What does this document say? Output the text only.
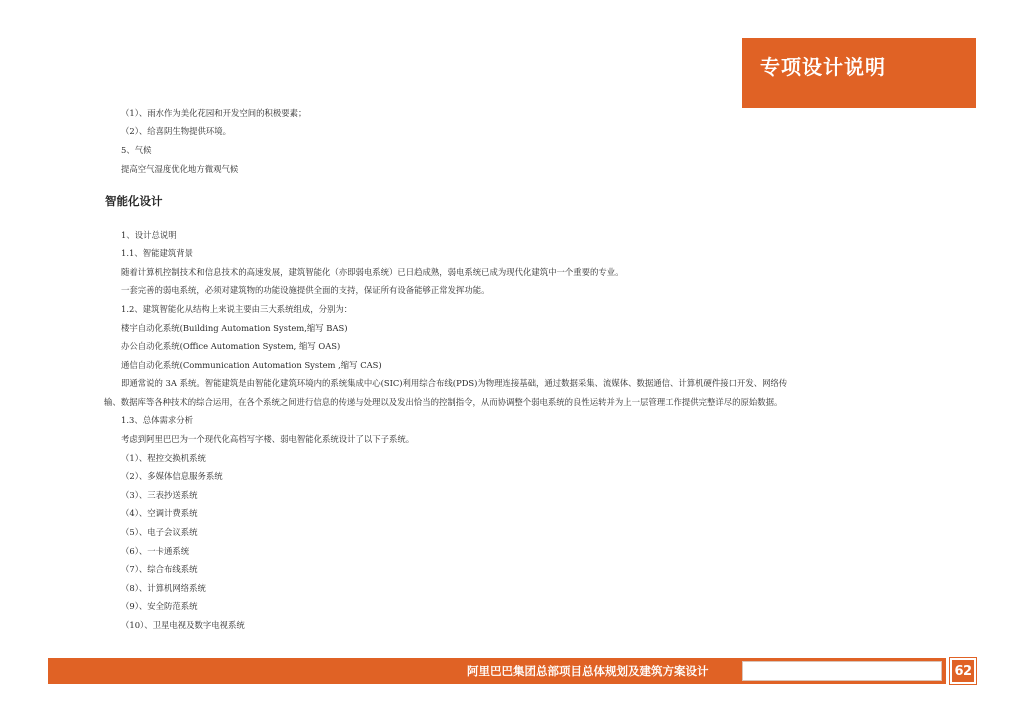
专项设计说明
（1）、雨水作为美化花园和开发空间的积极要素；
（2）、给喜阴生物提供环境。
5、气候
提高空气湿度优化地方微观气候
智能化设计
1、设计总说明
1.1、智能建筑背景
随着计算机控制技术和信息技术的高速发展，建筑智能化（亦即弱电系统）已日趋成熟，弱电系统已成为现代化建筑中一个重要的专业。
一套完善的弱电系统，必须对建筑物的功能设施提供全面的支持，保证所有设备能够正常发挥功能。
1.2、建筑智能化从结构上来说主要由三大系统组成，分别为：
楼宇自动化系统(Building Automation System,缩写 BAS)
办公自动化系统(Office Automation System, 缩写 OAS)
通信自动化系统(Communication Automation System ,缩写 CAS)
即通常说的 3A 系统。智能建筑是由智能化建筑环境内的系统集成中心(SIC)利用综合布线(PDS)为物理连接基础，通过数据采集、流媒体、数据通信、计算机硬件接口开发、网络传
输、数据库等各种技术的综合运用，在各个系统之间进行信息的传递与处理以及发出恰当的控制指令，从而协调整个弱电系统的良性运转并为上一层管理工作提供完整详尽的原始数据。
1.3、总体需求分析
考虑到阿里巴巴为一个现代化高档写字楼、弱电智能化系统设计了以下子系统。
（1）、程控交换机系统
（2）、多媒体信息服务系统
（3）、三表抄送系统
（4）、空调计费系统
（5）、电子会议系统
（6）、一卡通系统
（7）、综合布线系统
（8）、计算机网络系统
（9）、安全防范系统
（10）、卫星电视及数字电视系统
阿里巴巴集团总部项目总体规划及建筑方案设计	62
